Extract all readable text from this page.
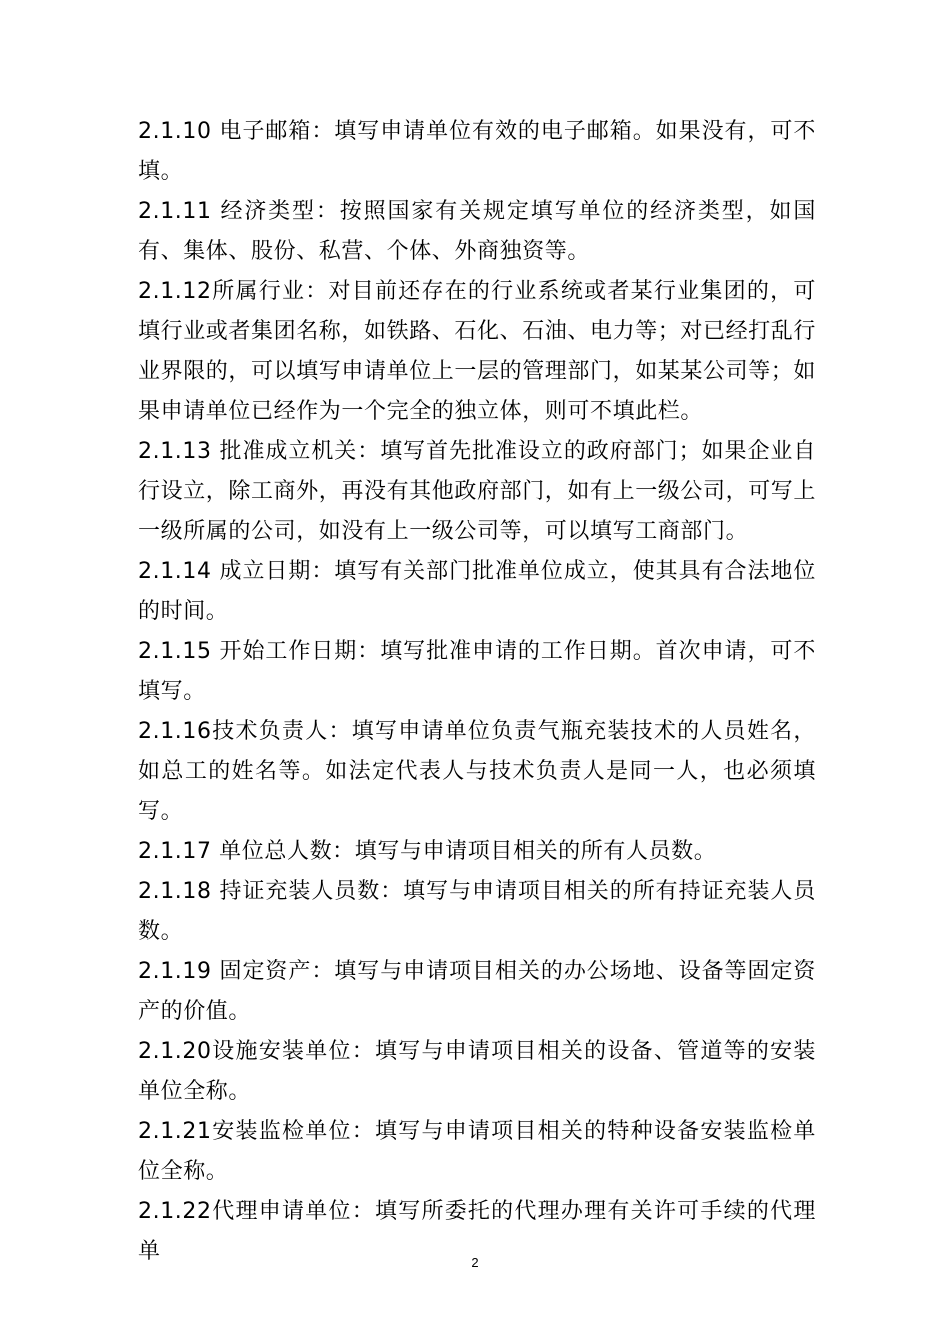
2.1.10 电子邮箱：填写申请单位有效的电子邮箱。如果没有，可不填。

2.1.11 经济类型：按照国家有关规定填写单位的经济类型，如国有、集体、股份、私营、个体、外商独资等。

2.1.12所属行业：对目前还存在的行业系统或者某行业集团的，可填行业或者集团名称，如铁路、石化、石油、电力等；对已经打乱行业界限的，可以填写申请单位上一层的管理部门，如某某公司等；如果申请单位已经作为一个完全的独立体，则可不填此栏。

2.1.13 批准成立机关：填写首先批准设立的政府部门；如果企业自行设立，除工商外，再没有其他政府部门，如有上一级公司，可写上一级所属的公司，如没有上一级公司等，可以填写工商部门。

2.1.14 成立日期：填写有关部门批准单位成立，使其具有合法地位的时间。

2.1.15 开始工作日期：填写批准申请的工作日期。首次申请，可不填写。

2.1.16技术负责人：填写申请单位负责气瓶充装技术的人员姓名，如总工的姓名等。如法定代表人与技术负责人是同一人，也必须填写。

2.1.17 单位总人数：填写与申请项目相关的所有人员数。

2.1.18 持证充装人员数：填写与申请项目相关的所有持证充装人员数。

2.1.19 固定资产：填写与申请项目相关的办公场地、设备等固定资产的价值。

2.1.20设施安装单位：填写与申请项目相关的设备、管道等的安装单位全称。

2.1.21安装监检单位：填写与申请项目相关的特种设备安装监检单位全称。

2.1.22代理申请单位：填写所委托的代理办理有关许可手续的代理单	2
